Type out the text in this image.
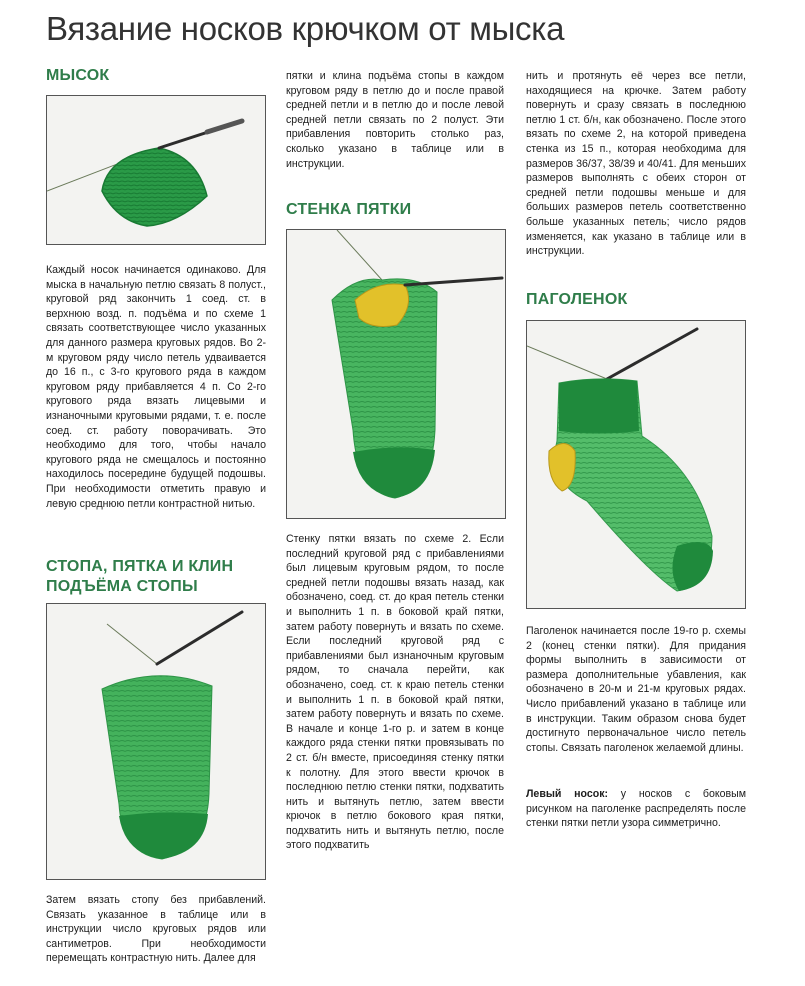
Вязание носков крючком от мыска
МЫСОК

Каждый носок начинается одинаково. Для мыска в начальную петлю связать 8 полуст., круговой ряд закончить 1 соед. ст. в верхнюю возд. п. подъёма и по схеме 1 связать соответствующее число указанных для данного размера круговых рядов. Во 2-м круговом ряду число петель удваивается до 16 п., с 3-го кругового ряда в каждом круговом ряду прибавляется 4 п. Со 2-го кругового ряда вязать лицевыми и изнаночными круговыми рядами, т. е. после соед. ст. работу поворачивать. Это необходимо для того, чтобы начало кругового ряда не смещалось и постоянно находилось посередине будущей подошвы. При необходимости отметить правую и левую среднюю петли контрастной нитью.

СТОПА, ПЯТКА И КЛИН
ПОДЪЁМА СТОПЫ

Затем вязать стопу без прибавлений. Связать указанное в таблице или в инструкции число круговых рядов или сантиметров. При необходимости перемещать контрастную нить. Далее для

пятки и клина подъёма стопы в каждом круговом ряду в петлю до и после правой средней петли и в петлю до и после левой средней петли связать по 2 полуст. Эти прибавления повторить столько раз, сколько указано в таблице или в инструкции.

СТЕНКА ПЯТКИ

Стенку пятки вязать по схеме 2. Если последний круговой ряд с прибавлениями был лицевым круговым рядом, то после средней петли подошвы вязать назад, как обозначено, соед. ст. до края петель стенки и выполнить 1 п. в боковой край пятки, затем работу повернуть и вязать по схеме. Если последний круговой ряд с прибавлениями был изнаночным круговым рядом, то сначала перейти, как обозначено, соед. ст. к краю петель стенки и выполнить 1 п. в боковой край пятки, затем работу повернуть и вязать по схеме. В начале и конце 1-го р. и затем в конце каждого ряда стенки пятки провязывать по 2 ст. б/н вместе, присоединяя стенку пятки к полотну. Для этого ввести крючок в последнюю петлю стенки пятки, подхватить нить и вытянуть петлю, затем ввести крючок в петлю бокового края пятки, подхватить нить и вытянуть петлю, после этого подхватить

нить и протянуть её через все петли, находящиеся на крючке. Затем работу повернуть и сразу связать в последнюю петлю 1 ст. б/н, как обозначено. После этого вязать по схеме 2, на которой приведена стенка из 15 п., которая необходима для размеров 36/37, 38/39 и 40/41. Для меньших размеров выполнять с обеих сторон от средней петли подошвы меньше и для больших размеров петель соответственно больше указанных петель; число рядов изменяется, как указано в таблице или в инструкции.

ПАГОЛЕНОК

Паголенок начинается после 19-го р. схемы 2 (конец стенки пятки). Для придания формы выполнить в зависимости от размера дополнительные убавления, как обозначено в 20-м и 21-м круговых рядах. Число прибавлений указано в таблице или в инструкции. Таким образом снова будет достигнуто первоначальное число петель стопы. Связать паголенок желаемой длины.

Левый носок: у носков с боковым рисунком на паголенке распределять после стенки пятки петли узора симметрично.
